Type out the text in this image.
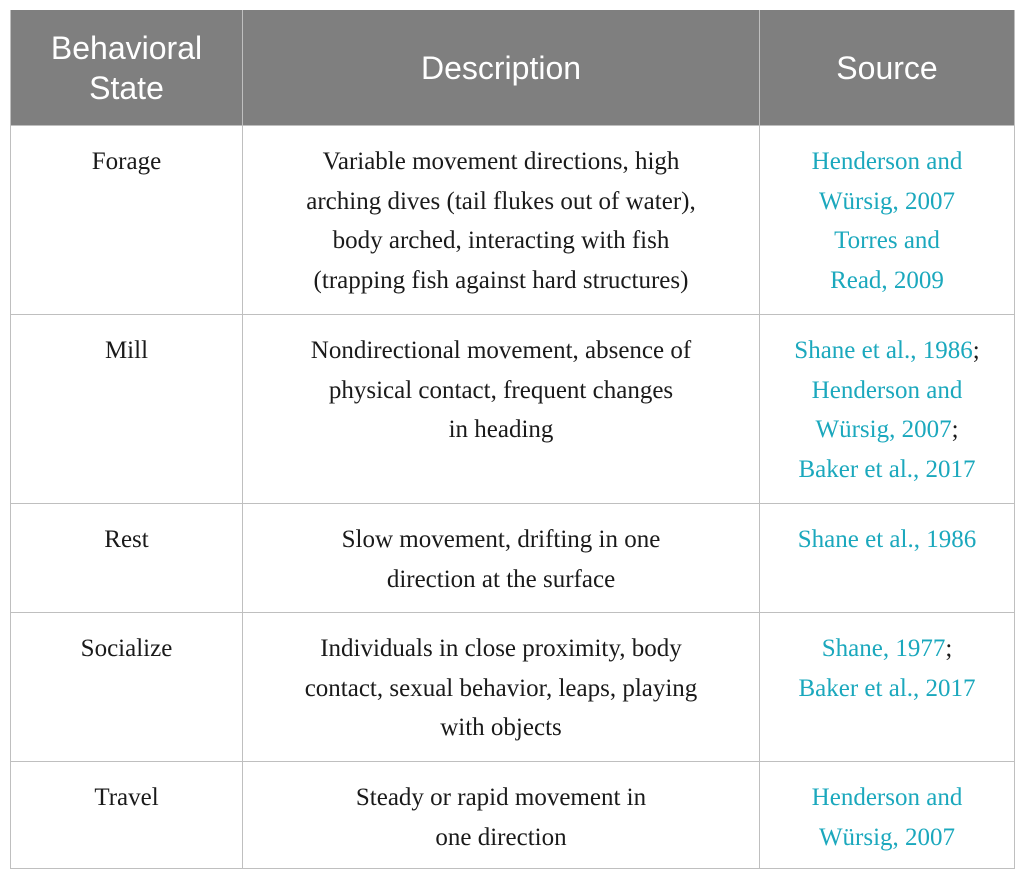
Behavioral
State	Description	Source
Forage	Variable movement directions, high
arching dives (tail flukes out of water),
body arched, interacting with fish
(trapping fish against hard structures)	Henderson and
Würsig, 2007
Torres and
Read, 2009

Mill	Nondirectional movement, absence of
physical contact, frequent changes
in heading	Shane et al., 1986;
Henderson and
Würsig, 2007;
Baker et al., 2017

Rest	Slow movement, drifting in one
direction at the surface	Shane et al., 1986

Socialize	Individuals in close proximity, body
contact, sexual behavior, leaps, playing
with objects	Shane, 1977;
Baker et al., 2017

Travel	Steady or rapid movement in
one direction	Henderson and
Würsig, 2007
